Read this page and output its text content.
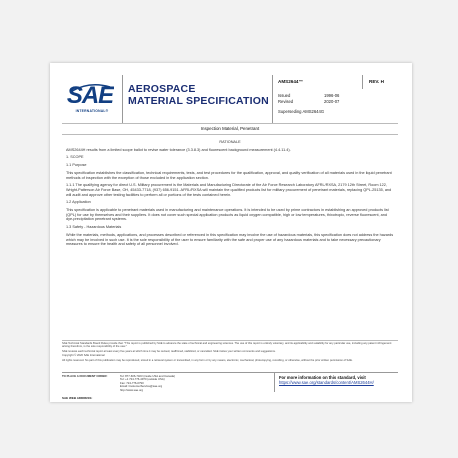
SAE
INTERNATIONAL®
AEROSPACE
MATERIAL SPECIFICATION
AMS2644™	REV. H
Issued	1996-06
Revised	2020-07
Superseding AMS2644G
Inspection Material, Penetrant

RATIONALE

AMS2644H results from a limited scope ballot to revise water tolerance (3.3.8.3) and fluorescent background measurement (4.4.11.4).

1. SCOPE

1.1 Purpose

This specification establishes the classification, technical requirements, tests, and test procedures for the qualification, approval, and quality verification of all materials used in the liquid penetrant methods of inspection with the exception of those excluded in the application section.

1.1.1 The qualifying agency for direct U.S. Military procurement is the Materials and Manufacturing Directorate of the Air Force Research Laboratory AFRL/RXSA, 2179 12th Street, Room 122, Wright-Patterson Air Force Base, OH, 45433-7718, (937) 656-9151. AFRL/RXSA will maintain the qualified products list for military procurement of penetrant materials, replacing QPL-25135, and will audit and approve other testing facilities to perform all or portions of the tests contained herein.

1.2 Application

This specification is applicable to penetrant materials used in manufacturing and maintenance operations. It is intended to be used by prime contractors in establishing an approved products list (QPL) for use by themselves and their suppliers. It does not cover such special application products as liquid oxygen compatible, high or low temperatures, thixotropic, reverse fluorescent, and dye-precipitation penetrant systems.

1.3 Safety - Hazardous Materials

While the materials, methods, applications, and processes described or referenced in this specification may involve the use of hazardous materials, this specification does not address the hazards which may be involved in such use. It is the sole responsibility of the user to ensure familiarity with the safe and proper use of any hazardous materials and to take necessary precautionary measures to ensure the health and safety of all personnel involved.

SAE Technical Standards Board Rules provide that: "This report is published by SAE to advance the state of technical and engineering sciences. The use of this report is entirely voluntary, and its applicability and suitability for any particular use, including any patent infringement arising therefrom, is the sole responsibility of the user."

SAE reviews each technical report at least every five years at which time it may be revised, reaffirmed, stabilized, or cancelled. SAE invites your written comments and suggestions.

Copyright © 2020 SAE International

All rights reserved. No part of this publication may be reproduced, stored in a retrieval system or transmitted, in any form or by any means, electronic, mechanical, photocopying, recording, or otherwise, without the prior written permission of SAE.

TO PLACE A DOCUMENT ORDER:	Tel: 877-606-7323 (inside USA and Canada)
Tel: +1 724-776-4970 (outside USA)
Fax: 724-776-0790
Email: CustomerService@sae.org
http://www.sae.org
For more information on this standard, visit
https://www.sae.org/standards/content/AMS2644H/
SAE WEB ADDRESS:
